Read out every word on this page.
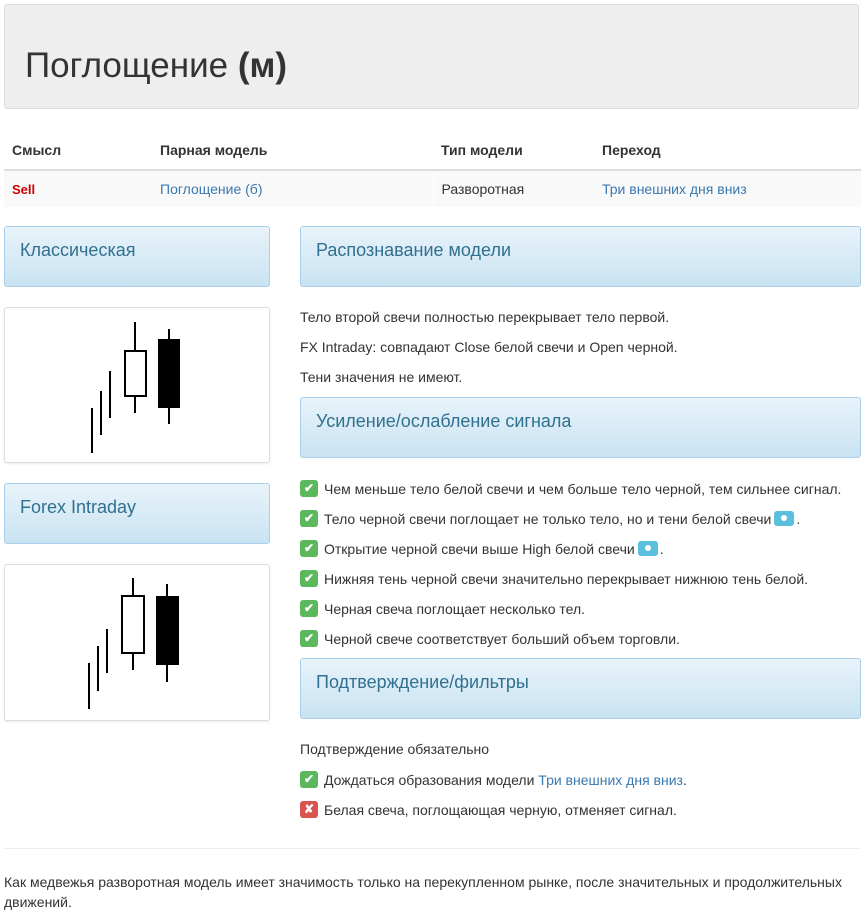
Поглощение (м)
Смысл	Парная модель	Тип модели	Переход
Sell	Поглощение (б)	Разворотная	Три внешних дня вниз
Классическая
Forex Intraday
Распознавание модели
Тело второй свечи полностью перекрывает тело первой.
FX Intraday: совпадают Close белой свечи и Open черной.
Тени значения не имеют.
Усиление/ослабление сигнала
✔ Чем меньше тело белой свечи и чем больше тело черной, тем сильнее сигнал.
✔ Тело черной свечи поглощает не только тело, но и тени белой свечи .
✔ Открытие черной свечи выше High белой свечи .
✔ Нижняя тень черной свечи значительно перекрывает нижнюю тень белой.
✔ Черная свеча поглощает несколько тел.
✔ Черной свече соответствует больший объем торговли.
Подтверждение/фильтры
Подтверждение обязательно
✔ Дождаться образования модели
Три внешних дня вниз .
✘ Белая свеча, поглощающая черную, отменяет сигнал.
Как медвежья разворотная модель имеет значимость только на перекупленном рынке, после значительных и продолжительных движений.
